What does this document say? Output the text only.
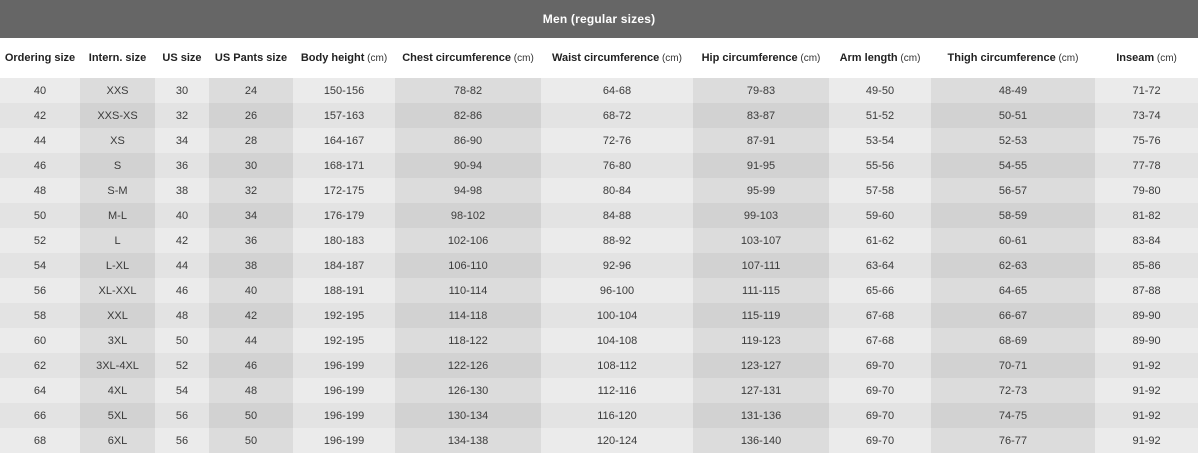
Men (regular sizes)										
Ordering size	Intern. size	US size	US Pants size	Body height (cm)	Chest circumference (cm)	Waist circumference (cm)	Hip circumference (cm)	Arm length (cm)	Thigh circumference (cm)	Inseam (cm)
40	XXS	30	24	150-156	78-82	64-68	79-83	49-50	48-49	71-72
42	XXS-XS	32	26	157-163	82-86	68-72	83-87	51-52	50-51	73-74
44	XS	34	28	164-167	86-90	72-76	87-91	53-54	52-53	75-76
46	S	36	30	168-171	90-94	76-80	91-95	55-56	54-55	77-78
48	S-M	38	32	172-175	94-98	80-84	95-99	57-58	56-57	79-80
50	M-L	40	34	176-179	98-102	84-88	99-103	59-60	58-59	81-82
52	L	42	36	180-183	102-106	88-92	103-107	61-62	60-61	83-84
54	L-XL	44	38	184-187	106-110	92-96	107-111	63-64	62-63	85-86
56	XL-XXL	46	40	188-191	110-114	96-100	111-115	65-66	64-65	87-88
58	XXL	48	42	192-195	114-118	100-104	115-119	67-68	66-67	89-90
60	3XL	50	44	192-195	118-122	104-108	119-123	67-68	68-69	89-90
62	3XL-4XL	52	46	196-199	122-126	108-112	123-127	69-70	70-71	91-92
64	4XL	54	48	196-199	126-130	112-116	127-131	69-70	72-73	91-92
66	5XL	56	50	196-199	130-134	116-120	131-136	69-70	74-75	91-92
68	6XL	56	50	196-199	134-138	120-124	136-140	69-70	76-77	91-92
